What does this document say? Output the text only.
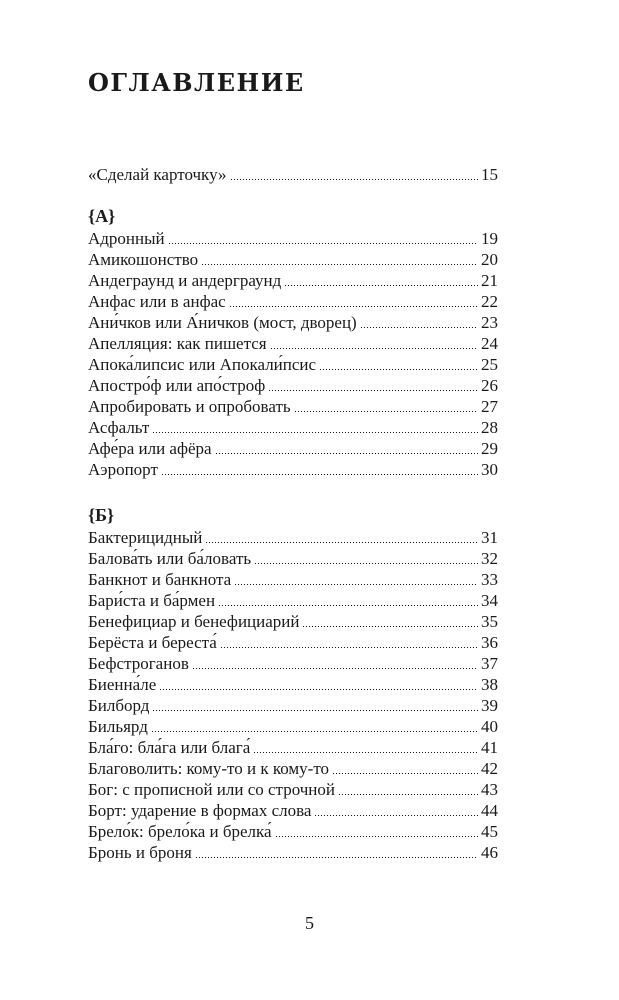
ОГЛАВЛЕНИЕ
«Сделай карточку»	15
{А}
Адронный	19
Амикошонство	20
Андеграунд и андерграунд	21
Анфас или в анфас	22
Ани́чков или А́ничков (мост, дворец)	23
Апелляция: как пишется	24
Апока́липсис или Апокали́псис	25
Апостро́ф или апо́строф	26
Апробировать и опробовать	27
Асфальт	28
Афе́ра или афёра	29
Аэропорт	30
{Б}
Бактерицидный	31
Балова́ть или ба́ловать	32
Банкнот и банкнота	33
Бари́ста и ба́рмен	34
Бенефициар и бенефициарий	35
Берёста и береста́	36
Бефстроганов	37
Биенна́ле	38
Билборд	39
Бильярд	40
Бла́го: бла́га или блага́	41
Благоволить: кому-то и к кому-то	42
Бог: с прописной или со строчной	43
Борт: ударение в формах слова	44
Брело́к: брело́ка и брелка́	45
Бронь и броня	46
5
